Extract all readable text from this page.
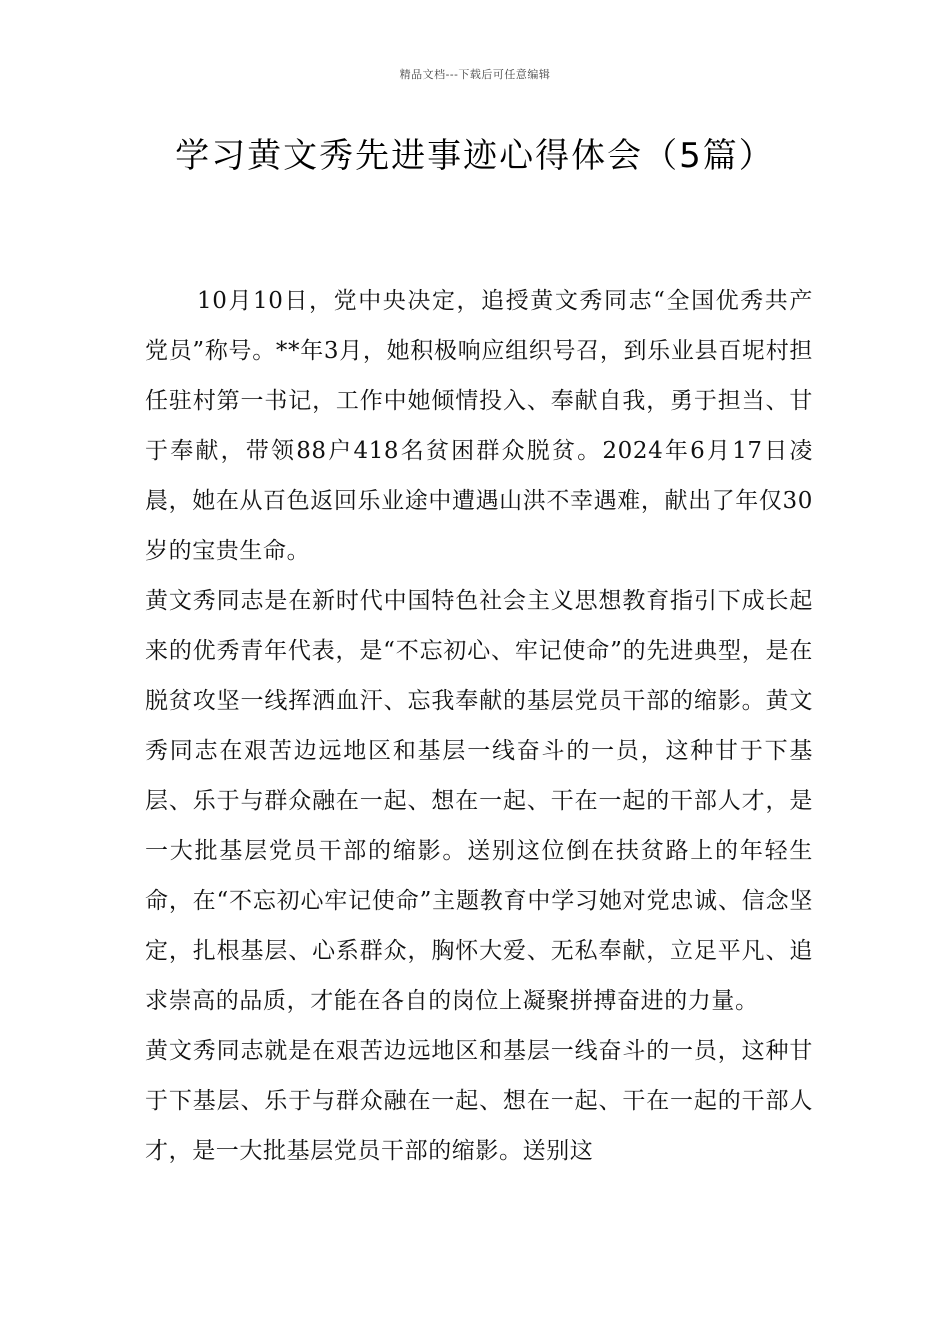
精品文档---下载后可任意编辑
学习黄文秀先进事迹心得体会（5篇）

10月10日，党中央决定，追授黄文秀同志“全国优秀共产党员”称号。**年3月，她积极响应组织号召，到乐业县百坭村担任驻村第一书记，工作中她倾情投入、奉献自我，勇于担当、甘于奉献，带领88户418名贫困群众脱贫。2024年6月17日凌晨，她在从百色返回乐业途中遭遇山洪不幸遇难，献出了年仅30岁的宝贵生命。

黄文秀同志是在新时代中国特色社会主义思想教育指引下成长起来的优秀青年代表，是“不忘初心、牢记使命”的先进典型，是在脱贫攻坚一线挥洒血汗、忘我奉献的基层党员干部的缩影。黄文秀同志在艰苦边远地区和基层一线奋斗的一员，这种甘于下基层、乐于与群众融在一起、想在一起、干在一起的干部人才，是一大批基层党员干部的缩影。送别这位倒在扶贫路上的年轻生命，在“不忘初心牢记使命”主题教育中学习她对党忠诚、信念坚定，扎根基层、心系群众，胸怀大爱、无私奉献，立足平凡、追求崇高的品质，才能在各自的岗位上凝聚拼搏奋进的力量。

黄文秀同志就是在艰苦边远地区和基层一线奋斗的一员，这种甘于下基层、乐于与群众融在一起、想在一起、干在一起的干部人才，是一大批基层党员干部的缩影。送别这
